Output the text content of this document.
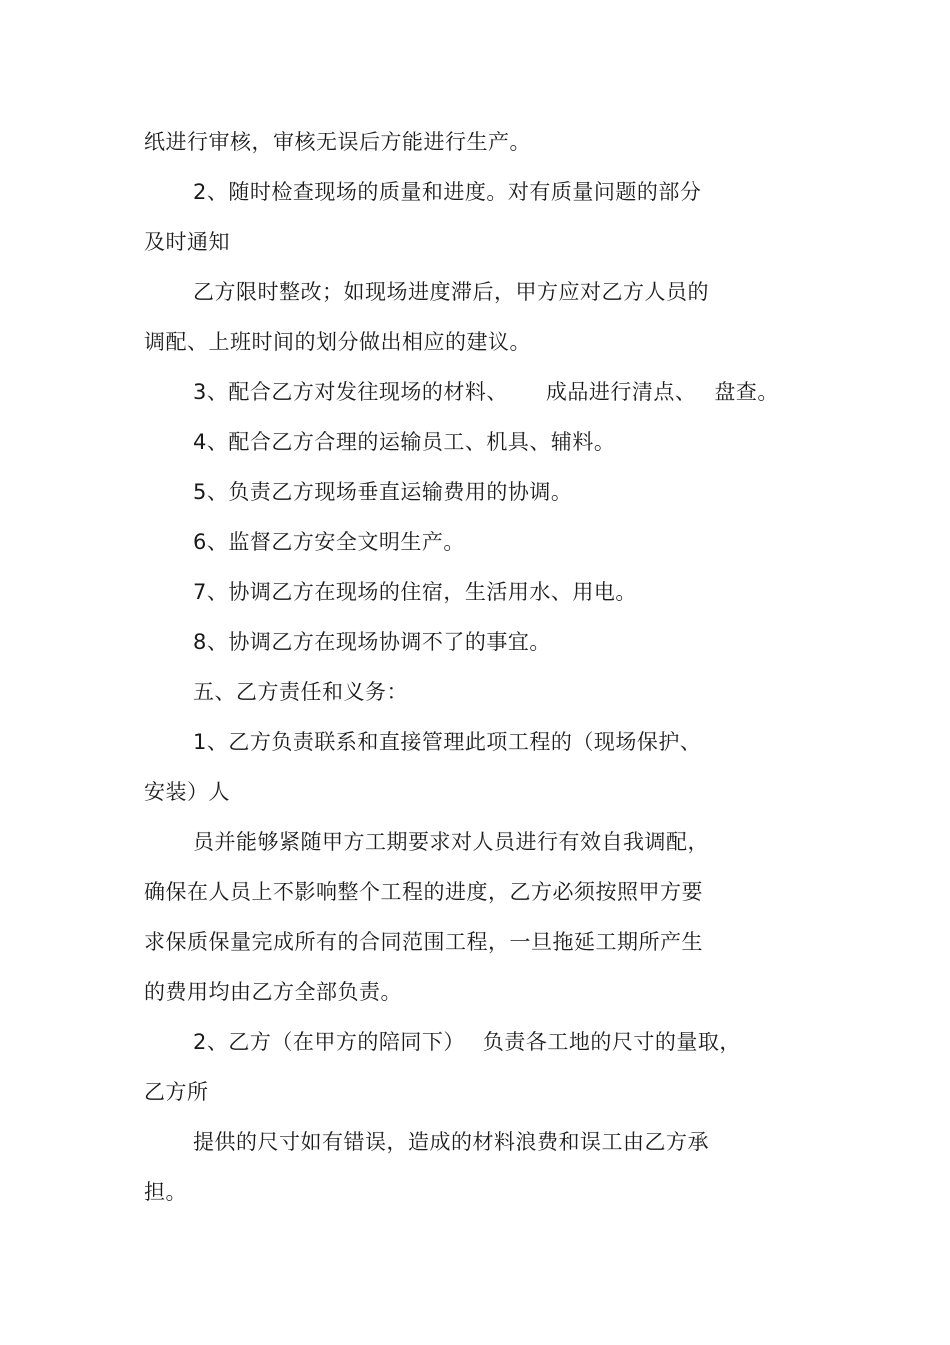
纸进行审核，审核无误后方能进行生产。
2、随时检查现场的质量和进度。对有质量问题的部分
及时通知
乙方限时整改；如现场进度滞后，甲方应对乙方人员的
调配、上班时间的划分做出相应的建议。
3、配合乙方对发往现场的材料、 成品进行清点、 盘查。
4、配合乙方合理的运输员工、机具、辅料。
5、负责乙方现场垂直运输费用的协调。
6、监督乙方安全文明生产。
7、协调乙方在现场的住宿，生活用水、用电。
8、协调乙方在现场协调不了的事宜。
五、乙方责任和义务：
1、乙方负责联系和直接管理此项工程的（现场保护、
安装）人
员并能够紧随甲方工期要求对人员进行有效自我调配，
确保在人员上不影响整个工程的进度，乙方必须按照甲方要
求保质保量完成所有的合同范围工程，一旦拖延工期所产生
的费用均由乙方全部负责。
2、乙方（在甲方的陪同下） 负责各工地的尺寸的量取，
乙方所
提供的尺寸如有错误，造成的材料浪费和误工由乙方承
担。
